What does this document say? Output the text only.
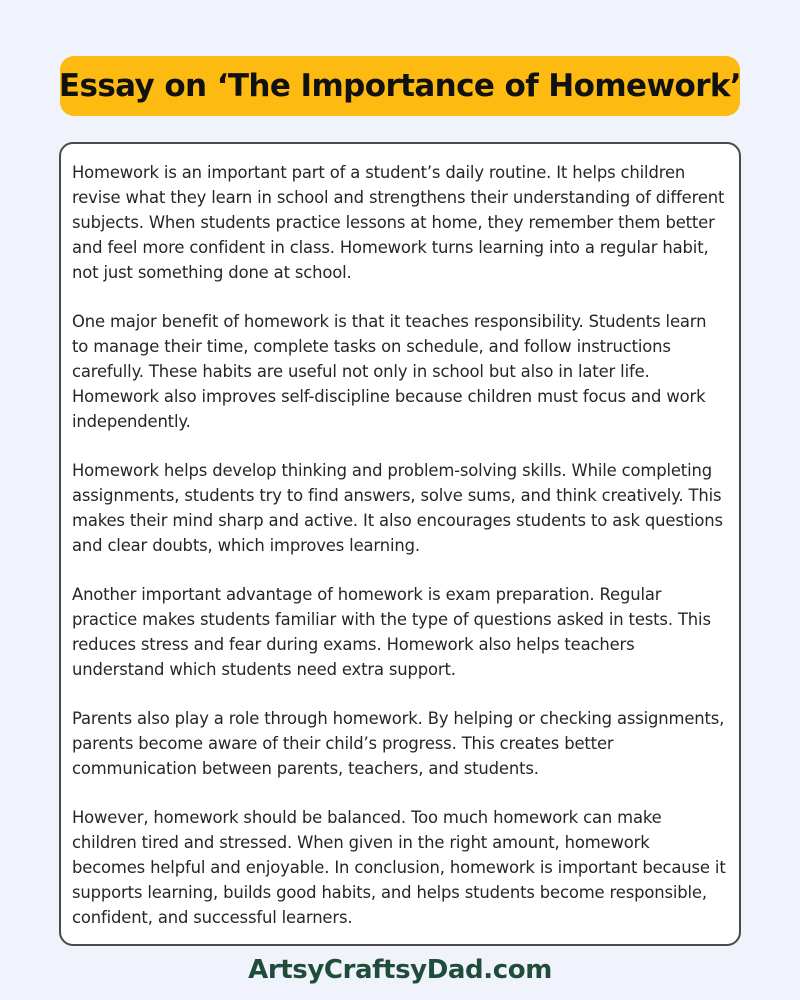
Essay on ‘The Importance of Homework’

Homework is an important part of a student’s daily routine. It helps children revise what they learn in school and strengthens their understanding of different subjects. When students practice lessons at home, they remember them better and feel more confident in class. Homework turns learning into a regular habit, not just something done at school.

One major benefit of homework is that it teaches responsibility. Students learn to manage their time, complete tasks on schedule, and follow instructions carefully. These habits are useful not only in school but also in later life. Homework also improves self-discipline because children must focus and work independently.

Homework helps develop thinking and problem-solving skills. While completing assignments, students try to find answers, solve sums, and think creatively. This makes their mind sharp and active. It also encourages students to ask questions and clear doubts, which improves learning.

Another important advantage of homework is exam preparation. Regular practice makes students familiar with the type of questions asked in tests. This reduces stress and fear during exams. Homework also helps teachers understand which students need extra support.

Parents also play a role through homework. By helping or checking assignments, parents become aware of their child’s progress. This creates better communication between parents, teachers, and students.

However, homework should be balanced. Too much homework can make children tired and stressed. When given in the right amount, homework becomes helpful and enjoyable. In conclusion, homework is important because it supports learning, builds good habits, and helps students become responsible, confident, and successful learners.

ArtsyCraftsyDad.com
